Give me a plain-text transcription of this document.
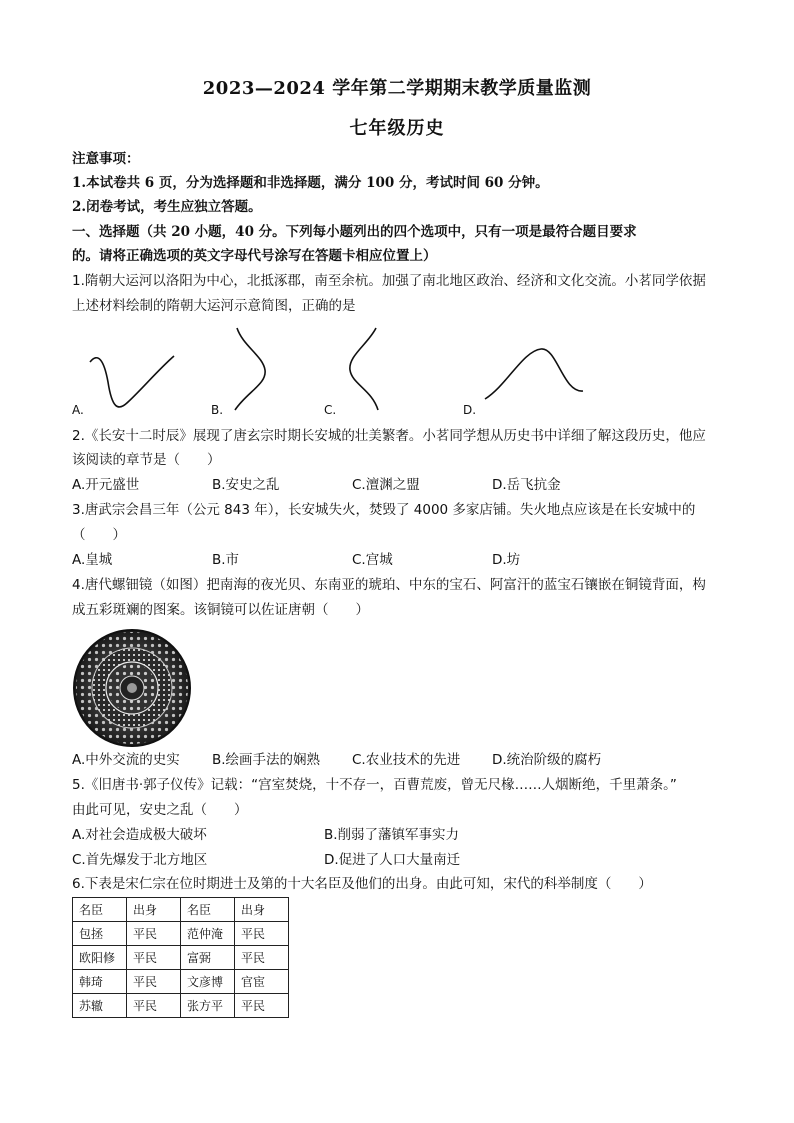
2023—2024 学年第二学期期末教学质量监测
七年级历史
注意事项：
1.本试卷共 6 页，分为选择题和非选择题，满分 100 分，考试时间 60 分钟。
2.闭卷考试，考生应独立答题。
一、选择题（共 20 小题，40 分。下列每小题列出的四个选项中，只有一项是最符合题目要求
的。请将正确选项的英文字母代号涂写在答题卡相应位置上）
1.隋朝大运河以洛阳为中心，北抵涿郡，南至余杭。加强了南北地区政治、经济和文化交流。小茗同学依据
上述材料绘制的隋朝大运河示意简图，正确的是
A.	B.	C.	D.
2.《长安十二时辰》展现了唐玄宗时期长安城的壮美繁奢。小茗同学想从历史书中详细了解这段历史，他应
该阅读的章节是（　　）
A.开元盛世	B.安史之乱	C.澶渊之盟	D.岳飞抗金
3.唐武宗会昌三年（公元 843 年），长安城失火，焚毁了 4000 多家店铺。失火地点应该是在长安城中的
（　　）
A.皇城	B.市	C.宫城	D.坊
4.唐代螺钿镜（如图）把南海的夜光贝、东南亚的琥珀、中东的宝石、阿富汗的蓝宝石镶嵌在铜镜背面，构
成五彩斑斓的图案。该铜镜可以佐证唐朝（　　）
A.中外交流的史实 B.绘画手法的娴熟 C.农业技术的先进 D.统治阶级的腐朽
5.《旧唐书·郭子仪传》记载：“宫室焚烧，十不存一，百曹荒废，曾无尺椽……人烟断绝，千里萧条。”
由此可见，安史之乱（　　）
A.对社会造成极大破坏	B.削弱了藩镇军事实力
C.首先爆发于北方地区	D.促进了人口大量南迁
6.下表是宋仁宗在位时期进士及第的十大名臣及他们的出身。由此可知，宋代的科举制度（　　）
名臣	出身	名臣	出身
包拯	平民	范仲淹	平民
欧阳修	平民	富弼	平民
韩琦	平民	文彦博	官宦
苏辙	平民	张方平	平民
